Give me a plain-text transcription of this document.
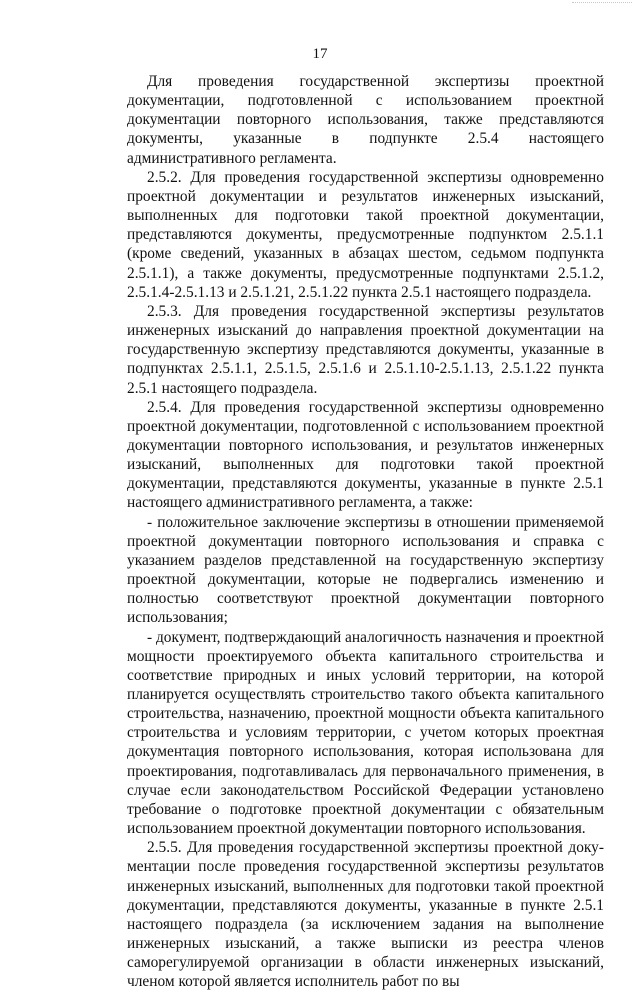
17

Для проведения государственной экспертизы проектной документации, подготовленной с использованием проектной документации повторного использования, также представляются документы, указанные в подпункте 2.5.4 настоящего административного регламента.

2.5.2. Для проведения государственной экспертизы одновременно проектной документации и результатов инженерных изысканий, выполненных для подготовки такой проектной документации, представляются документы, предусмотренные подпунктом 2.5.1.1 (кроме сведений, указанных в абзацах шестом, седьмом подпункта 2.5.1.1), а также документы, предусмотренные подпунктами 2.5.1.2, 2.5.1.4-2.5.1.13 и 2.5.1.21, 2.5.1.22 пункта 2.5.1 настоящего подраздела.

2.5.3. Для проведения государственной экспертизы результатов инженерных изысканий до направления проектной документации на государственную экспертизу представляются документы, указанные в подпунктах 2.5.1.1, 2.5.1.5, 2.5.1.6 и 2.5.1.10-2.5.1.13, 2.5.1.22 пункта 2.5.1 настоящего подраздела.

2.5.4. Для проведения государственной экспертизы одновременно проектной документации, подготовленной с использованием проектной документации повторного использования, и результатов инженерных изысканий, выполненных для подготовки такой проектной документации, представляются документы, указанные в пункте 2.5.1 настоящего административного регламента, а также:

- положительное заключение экспертизы в отношении применяемой проектной документации повторного использования и справка с указанием разделов представленной на государственную экспертизу проектной документации, которые не подвергались изменению и полностью соответствуют проектной документации повторного использования;

- документ, подтверждающий аналогичность назначения и проектной мощности проектируемого объекта капитального строительства и соответствие природных и иных условий территории, на которой планируется осуществлять строительство такого объекта капитального строительства, назначению, проектной мощности объекта капитального строительства и условиям территории, с учетом которых проектная документация повторного использования, которая использована для проектирования, подготавливалась для первоначального применения, в случае если законодательством Российской Федерации установлено требование о подготовке проектной документации с обязательным использованием проектной документации повторного использования.

2.5.5. Для проведения государственной экспертизы проектной документации после проведения государственной экспертизы результатов инженерных изысканий, выполненных для подготовки такой проектной документации, представляются документы, указанные в пункте 2.5.1 настоящего подраздела (за исключением задания на выполнение инженерных изысканий, а также выписки из реестра членов саморегулируемой организации в области инженерных изысканий, членом которой является исполнитель работ по вы
